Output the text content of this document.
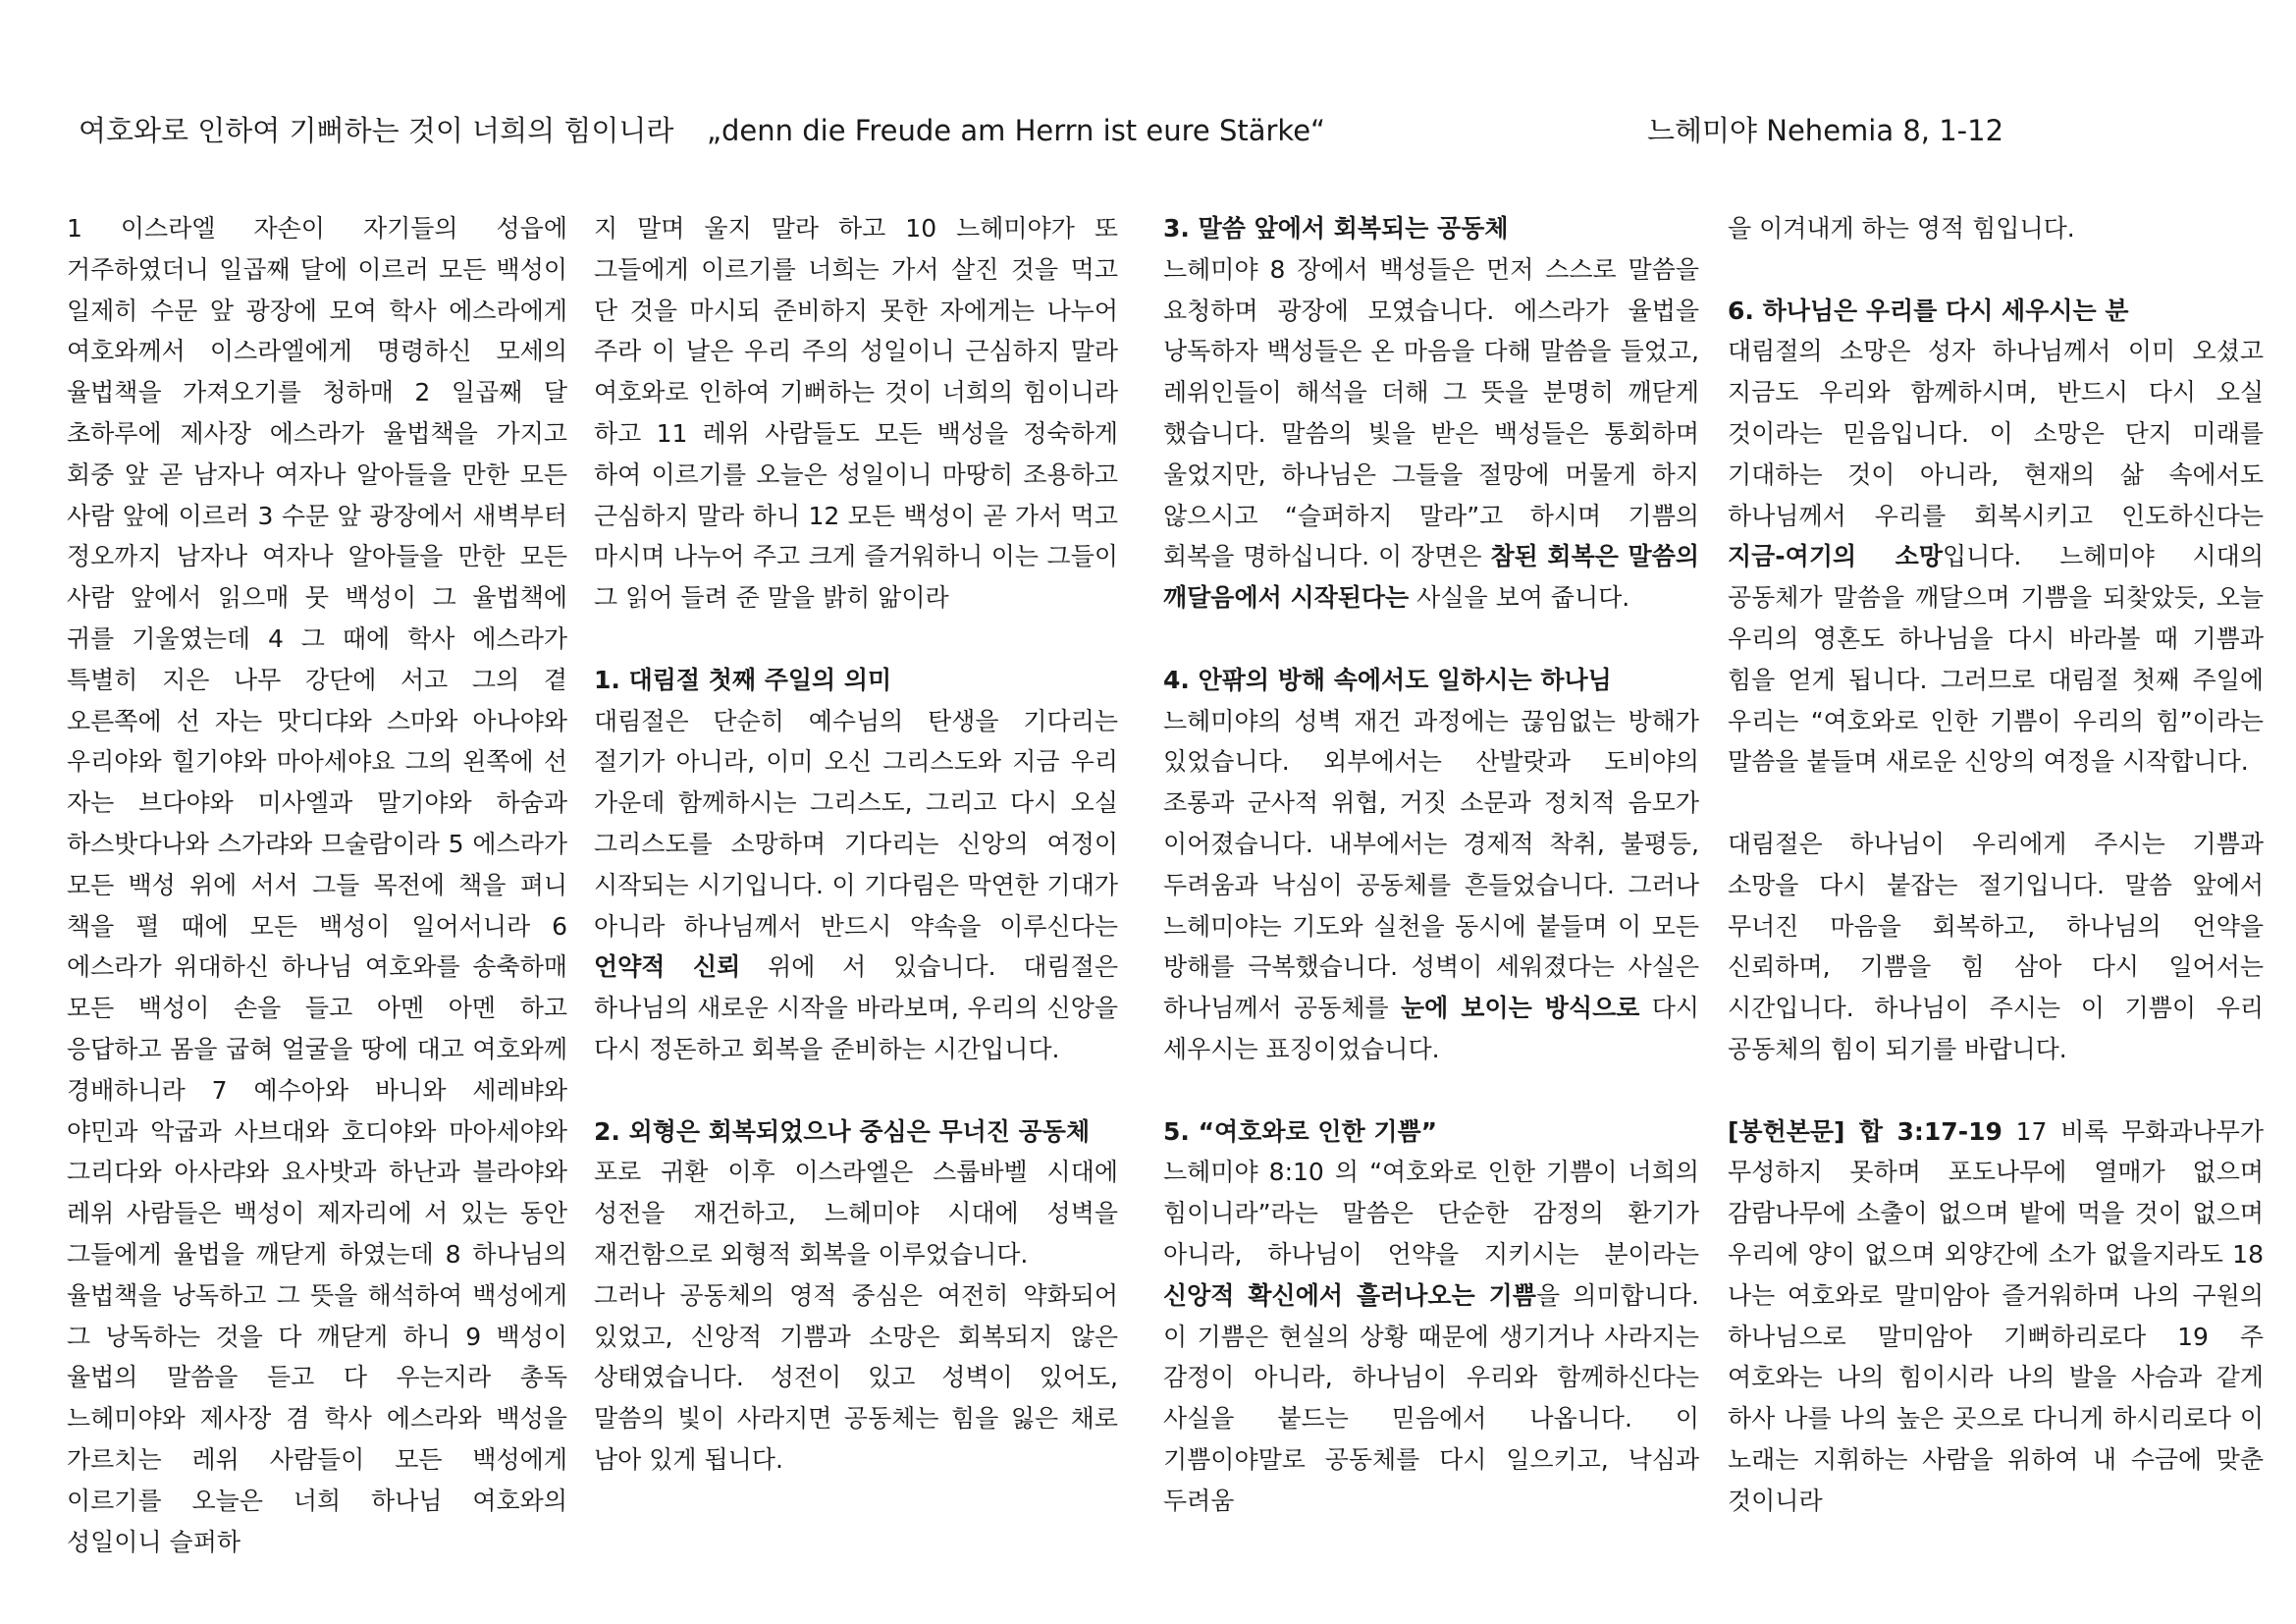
여호와로 인하여 기뻐하는 것이 너희의 힘이니라 „denn die Freude am Herrn ist eure Stärke“	느헤미야 Nehemia 8, 1-12

1 이스라엘 자손이 자기들의 성읍에 거주하였더니 일곱째 달에 이르러 모든 백성이 일제히 수문 앞 광장에 모여 학사 에스라에게 여호와께서 이스라엘에게 명령하신 모세의 율법책을 가져오기를 청하매 2 일곱째 달 초하루에 제사장 에스라가 율법책을 가지고 회중 앞 곧 남자나 여자나 알아들을 만한 모든 사람 앞에 이르러 3 수문 앞 광장에서 새벽부터 정오까지 남자나 여자나 알아들을 만한 모든 사람 앞에서 읽으매 뭇 백성이 그 율법책에 귀를 기울였는데 4 그 때에 학사 에스라가 특별히 지은 나무 강단에 서고 그의 곁 오른쪽에 선 자는 맛디댜와 스마와 아나야와 우리야와 힐기야와 마아세야요 그의 왼쪽에 선 자는 브다야와 미사엘과 말기야와 하숨과 하스밧다나와 스가랴와 므술람이라 5 에스라가 모든 백성 위에 서서 그들 목전에 책을 펴니 책을 펼 때에 모든 백성이 일어서니라 6 에스라가 위대하신 하나님 여호와를 송축하매 모든 백성이 손을 들고 아멘 아멘 하고 응답하고 몸을 굽혀 얼굴을 땅에 대고 여호와께 경배하니라 7 예수아와 바니와 세레뱌와 야민과 악굽과 사브대와 호디야와 마아세야와 그리다와 아사랴와 요사밧과 하난과 블라야와 레위 사람들은 백성이 제자리에 서 있는 동안 그들에게 율법을 깨닫게 하였는데 8 하나님의 율법책을 낭독하고 그 뜻을 해석하여 백성에게 그 낭독하는 것을 다 깨닫게 하니 9 백성이 율법의 말씀을 듣고 다 우는지라 총독 느헤미야와 제사장 겸 학사 에스라와 백성을 가르치는 레위 사람들이 모든 백성에게 이르기를 오늘은 너희 하나님 여호와의 성일이니 슬퍼하

지 말며 울지 말라 하고 10 느헤미야가 또 그들에게 이르기를 너희는 가서 살진 것을 먹고 단 것을 마시되 준비하지 못한 자에게는 나누어 주라 이 날은 우리 주의 성일이니 근심하지 말라 여호와로 인하여 기뻐하는 것이 너희의 힘이니라 하고 11 레위 사람들도 모든 백성을 정숙하게 하여 이르기를 오늘은 성일이니 마땅히 조용하고 근심하지 말라 하니 12 모든 백성이 곧 가서 먹고 마시며 나누어 주고 크게 즐거워하니 이는 그들이 그 읽어 들려 준 말을 밝히 앎이라

1. 대림절 첫째 주일의 의미

대림절은 단순히 예수님의 탄생을 기다리는 절기가 아니라, 이미 오신 그리스도와 지금 우리 가운데 함께하시는 그리스도, 그리고 다시 오실 그리스도를 소망하며 기다리는 신앙의 여정이 시작되는 시기입니다. 이 기다림은 막연한 기대가 아니라 하나님께서 반드시 약속을 이루신다는 언약적 신뢰 위에 서 있습니다. 대림절은 하나님의 새로운 시작을 바라보며, 우리의 신앙을 다시 정돈하고 회복을 준비하는 시간입니다.

2. 외형은 회복되었으나 중심은 무너진 공동체

포로 귀환 이후 이스라엘은 스룹바벨 시대에 성전을 재건하고, 느헤미야 시대에 성벽을 재건함으로 외형적 회복을 이루었습니다.

그러나 공동체의 영적 중심은 여전히 약화되어 있었고, 신앙적 기쁨과 소망은 회복되지 않은 상태였습니다. 성전이 있고 성벽이 있어도, 말씀의 빛이 사라지면 공동체는 힘을 잃은 채로 남아 있게 됩니다.

3. 말씀 앞에서 회복되는 공동체

느헤미야 8 장에서 백성들은 먼저 스스로 말씀을 요청하며 광장에 모였습니다. 에스라가 율법을 낭독하자 백성들은 온 마음을 다해 말씀을 들었고, 레위인들이 해석을 더해 그 뜻을 분명히 깨닫게 했습니다. 말씀의 빛을 받은 백성들은 통회하며 울었지만, 하나님은 그들을 절망에 머물게 하지 않으시고 “슬퍼하지 말라”고 하시며 기쁨의 회복을 명하십니다. 이 장면은 참된 회복은 말씀의 깨달음에서 시작된다는 사실을 보여 줍니다.

4. 안팎의 방해 속에서도 일하시는 하나님

느헤미야의 성벽 재건 과정에는 끊임없는 방해가 있었습니다. 외부에서는 산발랏과 도비야의 조롱과 군사적 위협, 거짓 소문과 정치적 음모가 이어졌습니다. 내부에서는 경제적 착취, 불평등, 두려움과 낙심이 공동체를 흔들었습니다. 그러나 느헤미야는 기도와 실천을 동시에 붙들며 이 모든 방해를 극복했습니다. 성벽이 세워졌다는 사실은 하나님께서 공동체를 눈에 보이는 방식으로 다시 세우시는 표징이었습니다.

5. “여호와로 인한 기쁨”

느헤미야 8:10 의 “여호와로 인한 기쁨이 너희의 힘이니라”라는 말씀은 단순한 감정의 환기가 아니라, 하나님이 언약을 지키시는 분이라는 신앙적 확신에서 흘러나오는 기쁨을 의미합니다. 이 기쁨은 현실의 상황 때문에 생기거나 사라지는 감정이 아니라, 하나님이 우리와 함께하신다는 사실을 붙드는 믿음에서 나옵니다. 이 기쁨이야말로 공동체를 다시 일으키고, 낙심과 두려움

을 이겨내게 하는 영적 힘입니다.

6. 하나님은 우리를 다시 세우시는 분

대림절의 소망은 성자 하나님께서 이미 오셨고 지금도 우리와 함께하시며, 반드시 다시 오실 것이라는 믿음입니다. 이 소망은 단지 미래를 기대하는 것이 아니라, 현재의 삶 속에서도 하나님께서 우리를 회복시키고 인도하신다는 지금-여기의 소망입니다. 느헤미야 시대의 공동체가 말씀을 깨달으며 기쁨을 되찾았듯, 오늘 우리의 영혼도 하나님을 다시 바라볼 때 기쁨과 힘을 얻게 됩니다. 그러므로 대림절 첫째 주일에 우리는 “여호와로 인한 기쁨이 우리의 힘”이라는 말씀을 붙들며 새로운 신앙의 여정을 시작합니다.

대림절은 하나님이 우리에게 주시는 기쁨과 소망을 다시 붙잡는 절기입니다. 말씀 앞에서 무너진 마음을 회복하고, 하나님의 언약을 신뢰하며, 기쁨을 힘 삼아 다시 일어서는 시간입니다. 하나님이 주시는 이 기쁨이 우리 공동체의 힘이 되기를 바랍니다.

[봉헌본문] 합 3:17-19 17 비록 무화과나무가 무성하지 못하며 포도나무에 열매가 없으며 감람나무에 소출이 없으며 밭에 먹을 것이 없으며 우리에 양이 없으며 외양간에 소가 없을지라도 18 나는 여호와로 말미암아 즐거워하며 나의 구원의 하나님으로 말미암아 기뻐하리로다 19 주 여호와는 나의 힘이시라 나의 발을 사슴과 같게 하사 나를 나의 높은 곳으로 다니게 하시리로다 이 노래는 지휘하는 사람을 위하여 내 수금에 맞춘 것이니라
